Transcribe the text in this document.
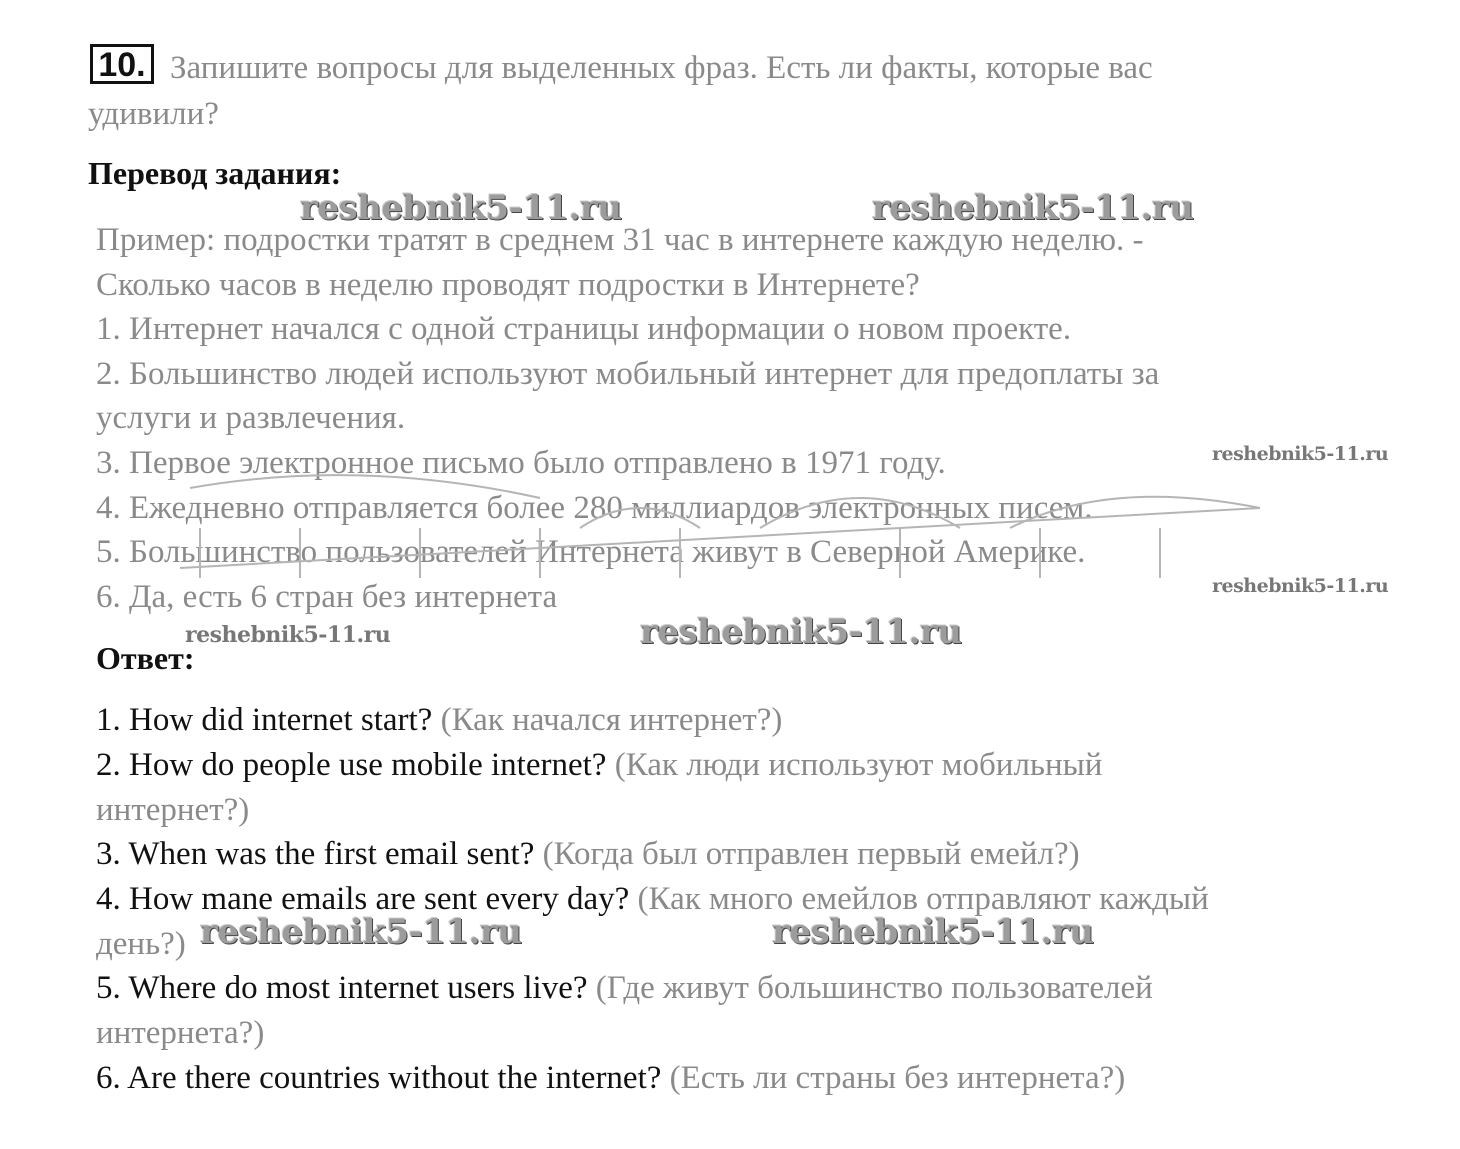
10. Запишите вопросы для выделенных фраз. Есть ли факты, которые вас
удивили?
Перевод задания:
Пример: подростки тратят в среднем 31 час в интернете каждую неделю. -
Сколько часов в неделю проводят подростки в Интернете?
1. Интернет начался с одной страницы информации о новом проекте.
2. Большинство людей используют мобильный интернет для предоплаты за
услуги и развлечения.
3. Первое электронное письмо было отправлено в 1971 году.
4. Ежедневно отправляется более 280 миллиардов электронных писем.
5. Большинство пользователей Интернета живут в Северной Америке.
6. Да, есть 6 стран без интернета
Ответ:
1. How did internet start? (Как начался интернет?)
2. How do people use mobile internet? (Как люди используют мобильный
интернет?)
3. When was the first email sent? (Когда был отправлен первый емейл?)
4. How mane emails are sent every day? (Как много емейлов отправляют каждый
день?)
5. Where do most internet users live? (Где живут большинство пользователей
интернета?)
6. Are there countries without the internet? (Есть ли страны без интернета?)
reshebnik5-11.ru	reshebnik5-11.ru
reshebnik5-11.ru
reshebnik5-11.ru
reshebnik5-11.ru	reshebnik5-11.ru
reshebnik5-11.ru	reshebnik5-11.ru
